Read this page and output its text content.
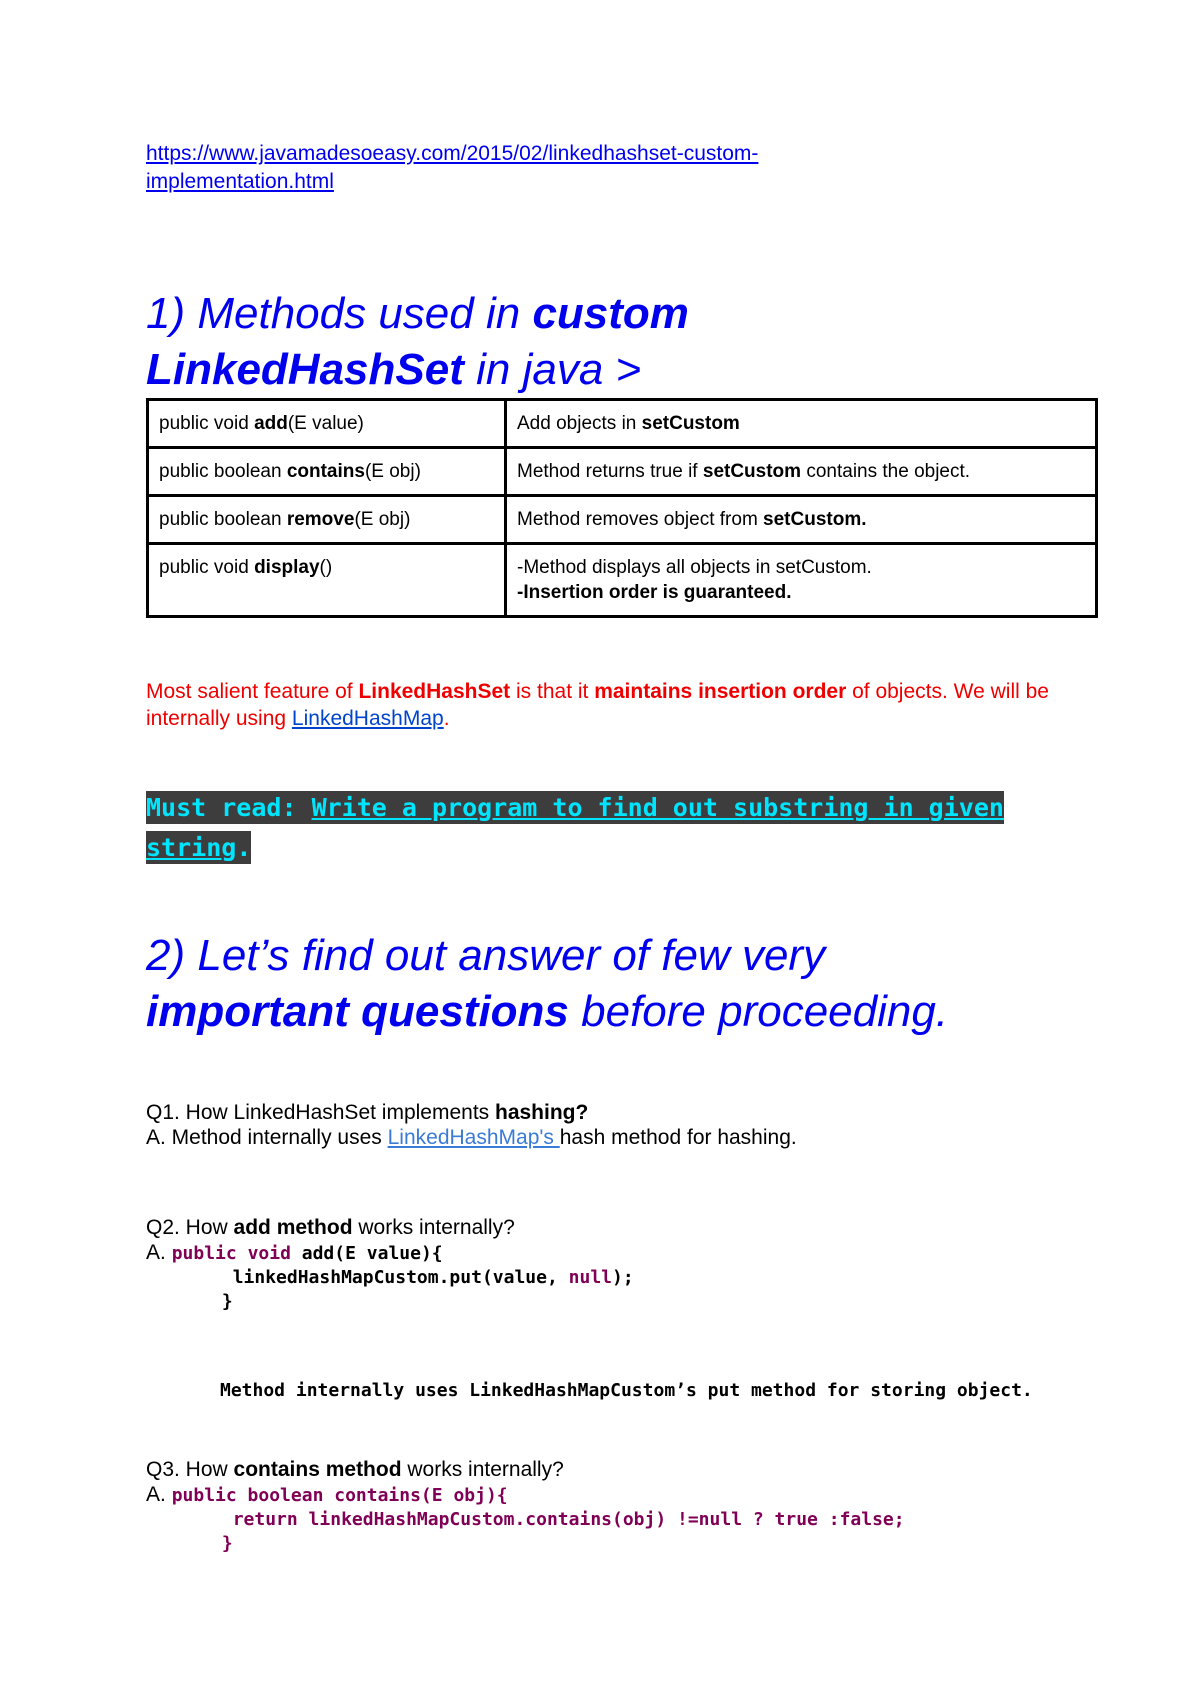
https://www.javamadesoeasy.com/2015/02/linkedhashset-custom-
implementation.html
1) Methods used in custom
LinkedHashSet in java >
public void add(E value)	Add objects in setCustom
public boolean contains(E obj)	Method returns true if setCustom contains the object.
public boolean remove(E obj)	Method removes object from setCustom.
public void display()	-Method displays all objects in setCustom.
-Insertion order is guaranteed.
Most salient feature of LinkedHashSet is that it maintains insertion order of objects. We will be internally using LinkedHashMap.
Must read: Write a program to find out substring in given
string.
2) Let’s find out answer of few very
important questions before proceeding.
Q1. How LinkedHashSet implements hashing?
A. Method internally uses LinkedHashMap's hash method for hashing.
Q2. How add method works internally?
A. public void add(E value){
linkedHashMapCustom.put(value, null);
}
Method internally uses LinkedHashMapCustom’s put method for storing object.
Q3. How contains method works internally?
A. public boolean contains(E obj){
return linkedHashMapCustom.contains(obj) !=null ? true :false;
}
